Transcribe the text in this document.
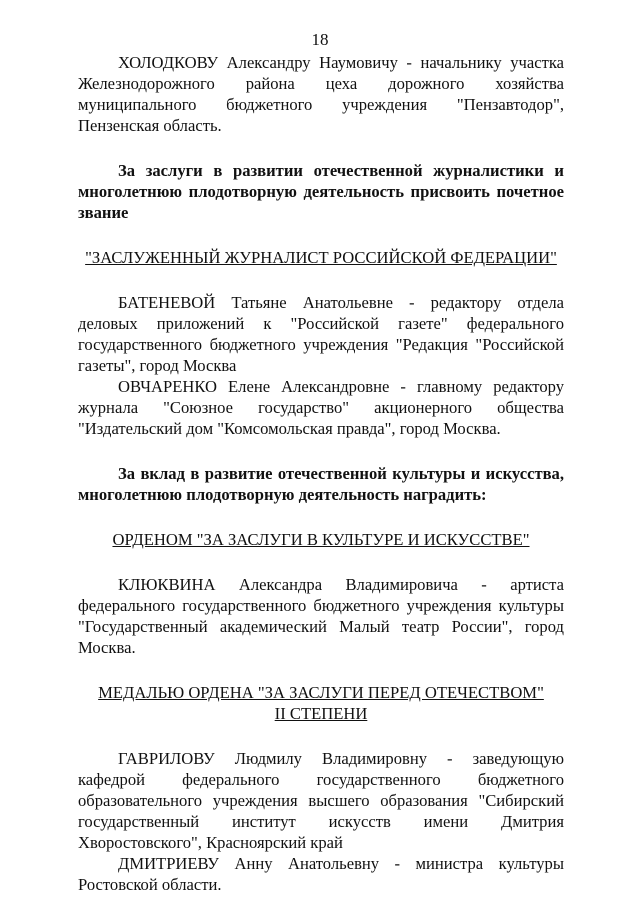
18

ХОЛОДКОВУ Александру Наумовичу - начальнику участка Железнодорожного района цеха дорожного хозяйства муниципального бюджетного учреждения "Пензавтодор", Пензенская область.

За заслуги в развитии отечественной журналистики и многолетнюю плодотворную деятельность присвоить почетное звание

"ЗАСЛУЖЕННЫЙ ЖУРНАЛИСТ РОССИЙСКОЙ ФЕДЕРАЦИИ"

БАТЕНЕВОЙ Татьяне Анатольевне - редактору отдела деловых приложений к "Российской газете" федерального государственного бюджетного учреждения "Редакция "Российской газеты", город Москва

ОВЧАРЕНКО Елене Александровне - главному редактору журнала "Союзное государство" акционерного общества "Издательский дом "Комсомольская правда", город Москва.

За вклад в развитие отечественной культуры и искусства, многолетнюю плодотворную деятельность наградить:

ОРДЕНОМ "ЗА ЗАСЛУГИ В КУЛЬТУРЕ И ИСКУССТВЕ"

КЛЮКВИНА Александра Владимировича - артиста федерального государственного бюджетного учреждения культуры "Государственный академический Малый театр России", город Москва.

МЕДАЛЬЮ ОРДЕНА "ЗА ЗАСЛУГИ ПЕРЕД ОТЕЧЕСТВОМ"

II СТЕПЕНИ

ГАВРИЛОВУ Людмилу Владимировну - заведующую кафедрой федерального государственного бюджетного образовательного учреждения высшего образования "Сибирский государственный институт искусств имени Дмитрия Хворостовского", Красноярский край

ДМИТРИЕВУ Анну Анатольевну - министра культуры Ростовской области.
